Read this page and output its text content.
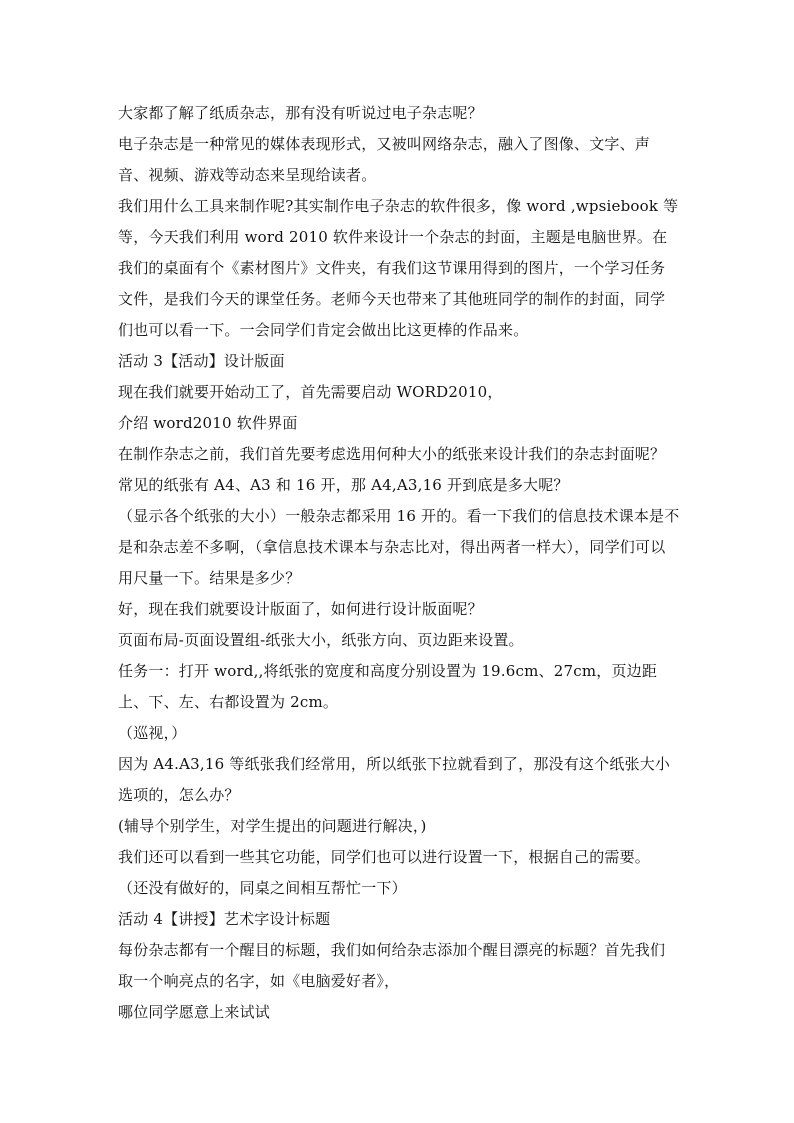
大家都了解了纸质杂志，那有没有听说过电子杂志呢？

电子杂志是一种常见的媒体表现形式，又被叫网络杂志，融入了图像、文字、声音、视频、游戏等动态来呈现给读者。

我们用什么工具来制作呢?其实制作电子杂志的软件很多，像 word ,wpsiebook 等等，今天我们利用 word 2010 软件来设计一个杂志的封面，主题是电脑世界。在我们的桌面有个《素材图片》文件夹，有我们这节课用得到的图片，一个学习任务文件，是我们今天的课堂任务。老师今天也带来了其他班同学的制作的封面，同学们也可以看一下。一会同学们肯定会做出比这更棒的作品来。

活动 3【活动】设计版面

现在我们就要开始动工了，首先需要启动 WORD2010，

介绍 word2010 软件界面

在制作杂志之前，我们首先要考虑选用何种大小的纸张来设计我们的杂志封面呢？

常见的纸张有 A4、A3 和 16 开，那 A4,A3,16 开到底是多大呢？

（显示各个纸张的大小）一般杂志都采用 16 开的。看一下我们的信息技术课本是不是和杂志差不多啊，（拿信息技术课本与杂志比对，得出两者一样大），同学们可以用尺量一下。结果是多少？

好，现在我们就要设计版面了，如何进行设计版面呢？

页面布局-页面设置组-纸张大小，纸张方向、页边距来设置。

任务一：打开 word,,将纸张的宽度和高度分别设置为 19.6cm、27cm，页边距上、下、左、右都设置为 2cm。

（巡视，）

因为 A4.A3,16 等纸张我们经常用，所以纸张下拉就看到了，那没有这个纸张大小选项的，怎么办？

(辅导个别学生，对学生提出的问题进行解决，)

我们还可以看到一些其它功能，同学们也可以进行设置一下，根据自己的需要。

（还没有做好的，同桌之间相互帮忙一下）

活动 4【讲授】艺术字设计标题

每份杂志都有一个醒目的标题，我们如何给杂志添加个醒目漂亮的标题？首先我们取一个响亮点的名字，如《电脑爱好者》，

哪位同学愿意上来试试
